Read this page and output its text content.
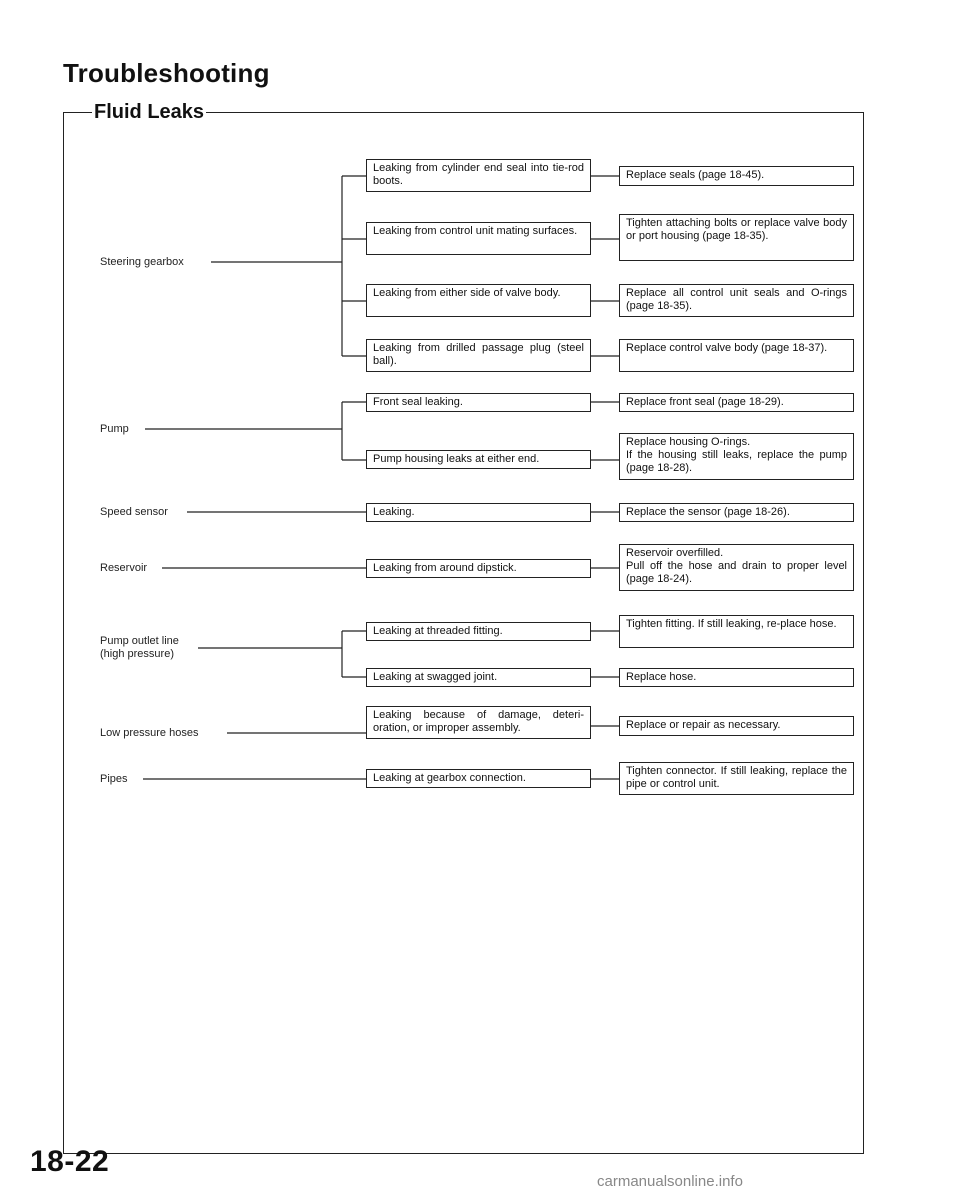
Troubleshooting
Fluid Leaks
Steering gearbox
Pump
Speed sensor
Reservoir
Pump outlet line
(high pressure)
Low pressure hoses
Pipes
Leaking from cylinder end seal into tie-rod boots.
Leaking from control unit mating surfaces.
Leaking from either side of valve body.
Leaking from drilled passage plug (steel ball).
Front seal leaking.
Pump housing leaks at either end.
Leaking.
Leaking from around dipstick.
Leaking at threaded fitting.
Leaking at swagged joint.
Leaking because of damage, deteri-oration, or improper assembly.
Leaking at gearbox connection.
Replace seals (page 18-45).
Tighten attaching bolts or replace valve body or port housing (page 18-35).
Replace all control unit seals and O-rings (page 18-35).
Replace control valve body (page 18-37).
Replace front seal (page 18-29).
Replace housing O-rings.
If the housing still leaks, replace the pump (page 18-28).
Replace the sensor (page 18-26).
Reservoir overfilled.
Pull off the hose and drain to proper level (page 18-24).
Tighten fitting. If still leaking, re-place hose.
Replace hose.
Replace or repair as necessary.
Tighten connector. If still leaking, replace the pipe or control unit.
18-22
carmanualsonline.info
